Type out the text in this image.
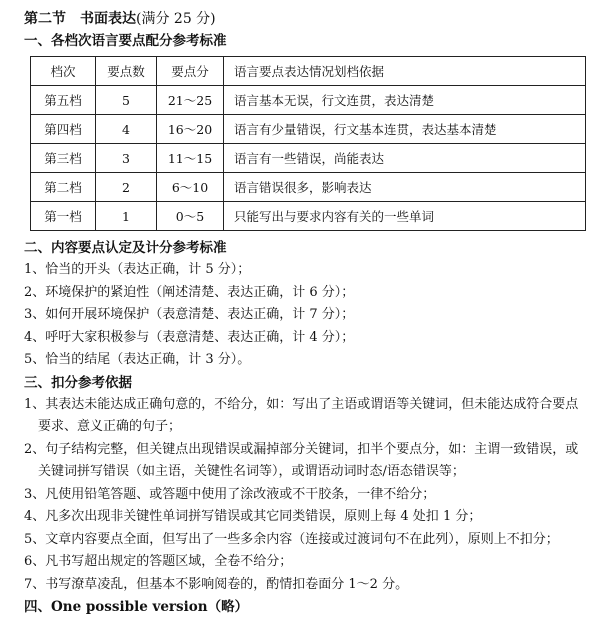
第二节　书面表达(满分 25 分)
一、各档次语言要点配分参考标准
档次	要点数	要点分	语言要点表达情况划档依据
第五档	5	21～25	语言基本无误，行文连贯，表达清楚
第四档	4	16～20	语言有少量错误，行文基本连贯，表达基本清楚
第三档	3	11～15	语言有一些错误，尚能表达
第二档	2	6～10	语言错误很多，影响表达
第一档	1	0～5	只能写出与要求内容有关的一些单词
二、内容要点认定及计分参考标准
1、恰当的开头（表达正确，计 5 分）；
2、环境保护的紧迫性（阐述清楚、表达正确，计 6 分）；
3、如何开展环境保护（表意清楚、表达正确，计 7 分）；
4、呼吁大家积极参与（表意清楚、表达正确，计 4 分）；
5、恰当的结尾（表达正确，计 3 分）。
三、扣分参考依据
1、其表达未能达成正确句意的，不给分，如：写出了主语或谓语等关键词，但未能达成符合要点要求、意义正确的句子；
2、句子结构完整，但关键点出现错误或漏掉部分关键词，扣半个要点分，如：主谓一致错误，或关键词拼写错误（如主语，关键性名词等），或谓语动词时态/语态错误等；
3、凡使用铅笔答题、或答题中使用了涂改液或不干胶条，一律不给分；
4、凡多次出现非关键性单词拼写错误或其它同类错误，原则上每 4 处扣 1 分；
5、文章内容要点全面，但写出了一些多余内容（连接或过渡词句不在此列），原则上不扣分；
6、凡书写超出规定的答题区域，全卷不给分；
7、书写潦草凌乱，但基本不影响阅卷的，酌情扣卷面分 1～2 分。
四、One possible version（略）
